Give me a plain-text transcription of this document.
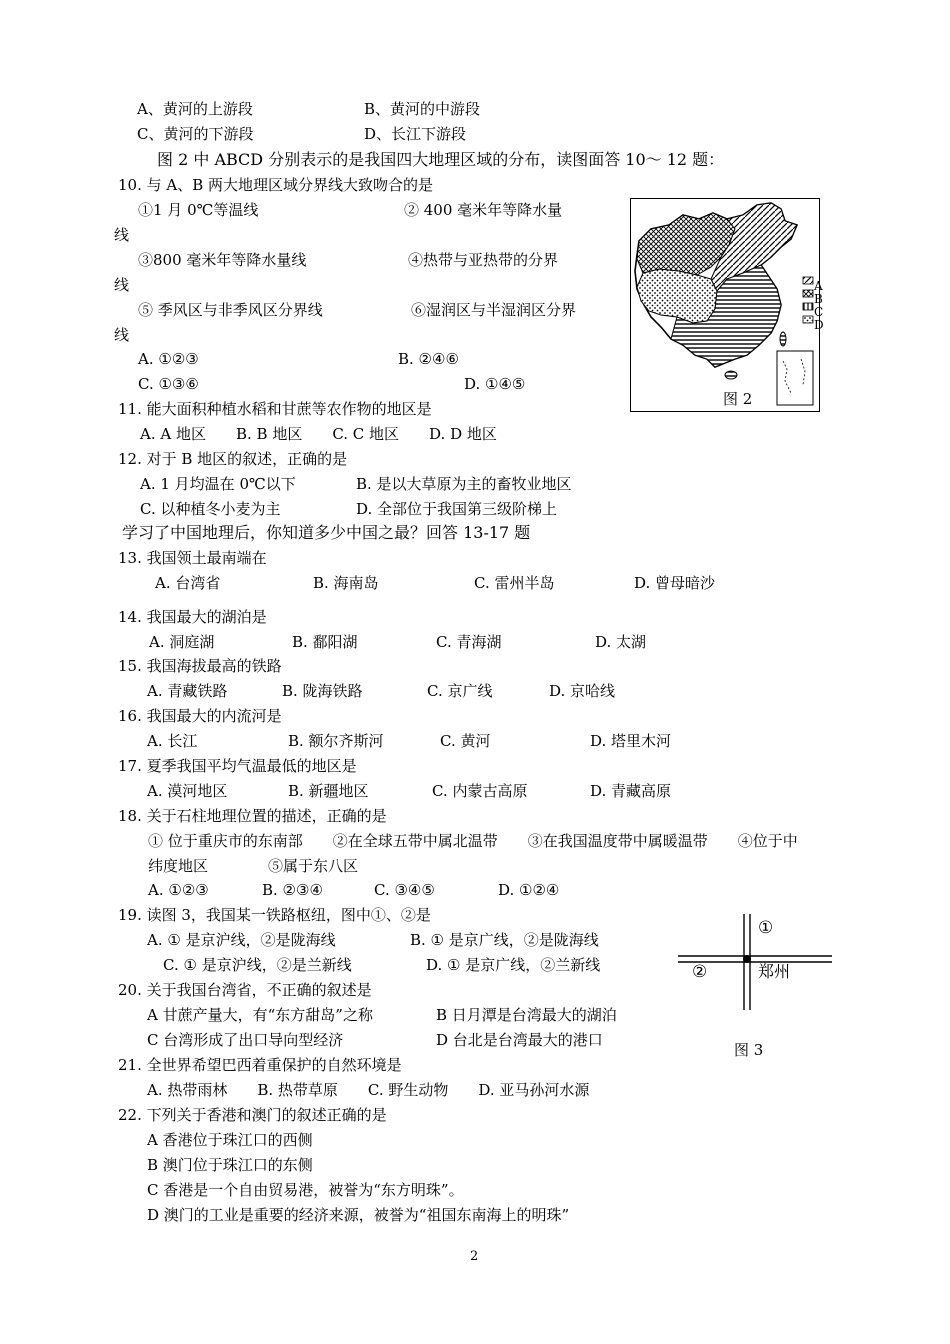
A、黄河的上游段	B、黄河的中游段
C、黄河的下游段	D、长江下游段
图 2 中 ABCD 分别表示的是我国四大地理区域的分布，读图面答 10～ 12 题：
10. 与 A、B 两大地理区域分界线大致吻合的是
①1 月 0℃等温线	② 400 毫米年等降水量
线
③800 毫米年等降水量线	④热带与亚热带的分界
线
⑤ 季风区与非季风区分界线	⑥湿润区与半湿润区分界
线
A. ①②③	B. ②④⑥
C. ①③⑥	D. ①④⑤
11. 能大面积种植水稻和甘蔗等农作物的地区是
A. A 地区　　B. B 地区　　C. C 地区　　D. D 地区
12. 对于 B 地区的叙述，正确的是
A. 1 月均温在 0℃以下	B. 是以大草原为主的畜牧业地区
C. 以种植冬小麦为主	D. 全部位于我国第三级阶梯上
学习了中国地理后，你知道多少中国之最？回答 13-17 题
13. 我国领土最南端在
A. 台湾省	B. 海南岛	C. 雷州半岛	D. 曾母暗沙
14. 我国最大的湖泊是
A. 洞庭湖	B. 鄱阳湖	C. 青海湖	D. 太湖
15. 我国海拔最高的铁路
A. 青藏铁路	B. 陇海铁路	C. 京广线	D. 京哈线
16. 我国最大的内流河是
A. 长江	B. 额尔齐斯河	C. 黄河	D. 塔里木河
17. 夏季我国平均气温最低的地区是
A. 漠河地区	B. 新疆地区	C. 内蒙古高原	D. 青藏高原
18. 关于石柱地理位置的描述，正确的是
① 位于重庆市的东南部　　②在全球五带中属北温带　　③在我国温度带中属暖温带　　④位于中
纬度地区　　　　⑤属于东八区
A. ①②③	B. ②③④	C. ③④⑤	D. ①②④
19. 读图 3，我国某一铁路枢纽，图中①、②是
A. ① 是京沪线，②是陇海线	B. ① 是京广线，②是陇海线
C. ① 是京沪线，②是兰新线	D. ① 是京广线，②兰新线
20. 关于我国台湾省，不正确的叙述是
A 甘蔗产量大，有“东方甜岛”之称	B 日月潭是台湾最大的湖泊
C 台湾形成了出口导向型经济	D 台北是台湾最大的港口
21. 全世界希望巴西着重保护的自然环境是
A. 热带雨林　　B. 热带草原　　C. 野生动物　　D. 亚马孙河水源
22. 下列关于香港和澳门的叙述正确的是
A 香港位于珠江口的西侧
B 澳门位于珠江口的东侧
C 香港是一个自由贸易港，被誉为“东方明珠”。
D 澳门的工业是重要的经济来源，被誉为“祖国东南海上的明珠”
A
B
C
D
图 2
①
②	郑州
图 3
2
